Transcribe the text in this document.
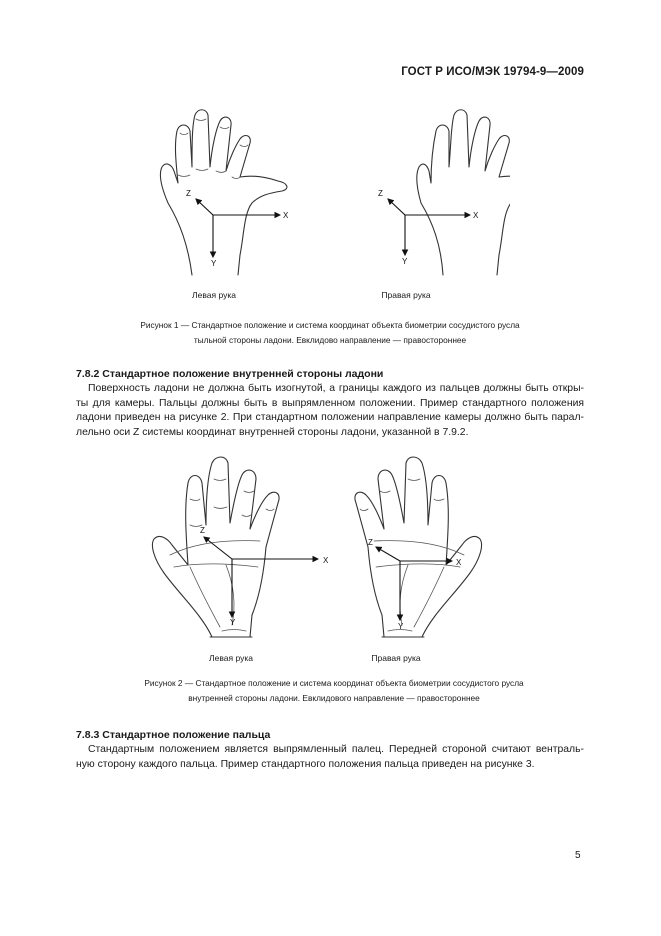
ГОСТ Р ИСО/МЭК 19794-9—2009
X
Y
Z
X
Y
Z
Левая рука	Правая рука
Рисунок 1 — Стандартное положение и система координат объекта биометрии сосудистого русла
тыльной стороны ладони. Евклидово направление — правостороннее
7.8.2 Стандартное положение внутренней стороны ладони
Поверхность ладони не должна быть изогнутой, а границы каждого из пальцев должны быть откры-
ты для камеры. Пальцы должны быть в выпрямленном положении. Пример стандартного положения
ладони приведен на рисунке 2. При стандартном положении направление камеры должно быть парал-
лельно оси Z системы координат внутренней стороны ладони, указанной в 7.9.2.
X
Y
Z
X
Y
Z
Левая рука	Правая рука
Рисунок 2 — Стандартное положение и система координат объекта биометрии сосудистого русла
внутренней стороны ладони. Евклидового направление — правостороннее
7.8.3 Стандартное положение пальца
Стандартным положением является выпрямленный палец. Передней стороной считают вентраль-
ную сторону каждого пальца. Пример стандартного положения пальца приведен на рисунке 3.
5
